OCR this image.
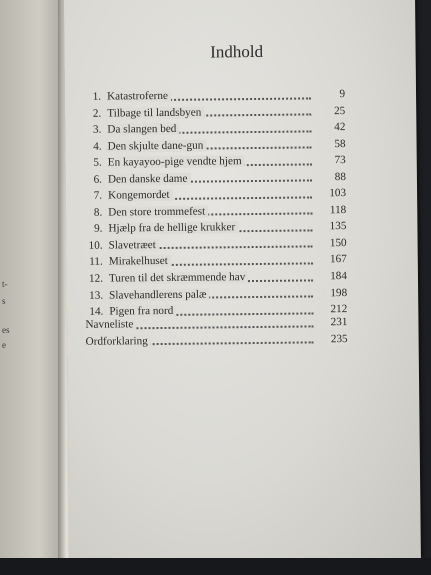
t-
s
es
e
Indhold
1. Katastroferne	9
2. Tilbage til landsbyen	25
3. Da slangen bed	42
4. Den skjulte dane-gun	58
5. En kayayoo-pige vendte hjem	73
6. Den danske dame	88
7. Kongemordet	103
8. Den store trommefest	118
9. Hjælp fra de hellige krukker	135
10. Slavetræet	150
11. Mirakelhuset	167
12. Turen til det skræmmende hav	184
13. Slavehandlerens palæ	198
14. Pigen fra nord	212
Navneliste	231
Ordforklaring	235
